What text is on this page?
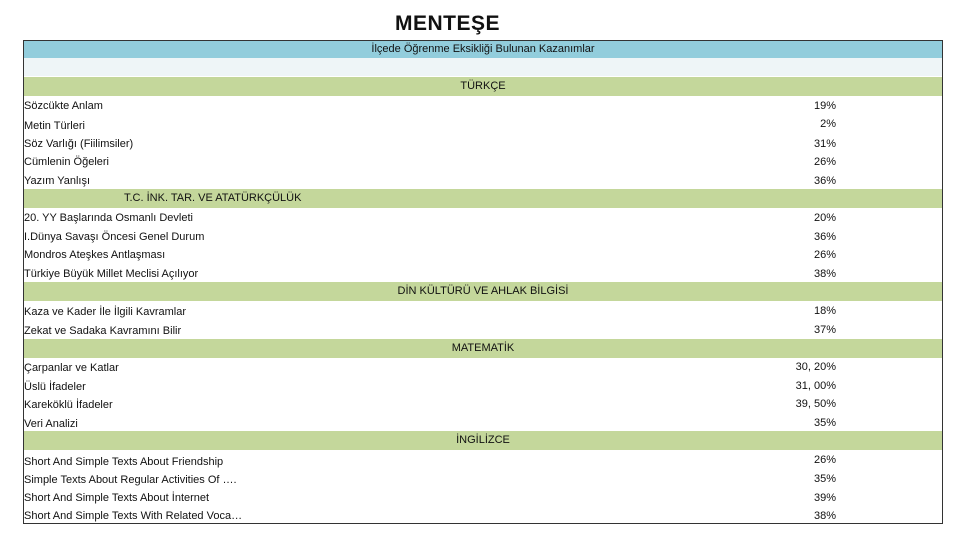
MENTEŞE
İlçede Öğrenme Eksikliği Bulunan Kazanımlar
TÜRKÇE
Sözcükte Anlam	19%
Metin Türleri	2%
Söz Varlığı (Fiilimsiler)	31%
Cümlenin Öğeleri	26%
Yazım Yanlışı	36%
T.C. İNK. TAR. VE ATATÜRKÇÜLÜK
20. YY Başlarında Osmanlı Devleti	20%
I.Dünya Savaşı Öncesi Genel Durum	36%
Mondros Ateşkes Antlaşması	26%
Türkiye Büyük Millet Meclisi Açılıyor	38%
DİN KÜLTÜRÜ VE AHLAK BİLGİSİ
Kaza ve Kader İle İlgili Kavramlar	18%
Zekat ve Sadaka Kavramını Bilir	37%
MATEMATİK
Çarpanlar ve Katlar	30, 20%
Üslü İfadeler	31, 00%
Kareköklü İfadeler	39, 50%
Veri Analizi	35%
İNGİLİZCE
Short And Simple Texts About Friendship	26%
Simple Texts About Regular Activities Of ….	35%
Short And Simple Texts About İnternet	39%
Short And Simple Texts With Related Voca…	38%
